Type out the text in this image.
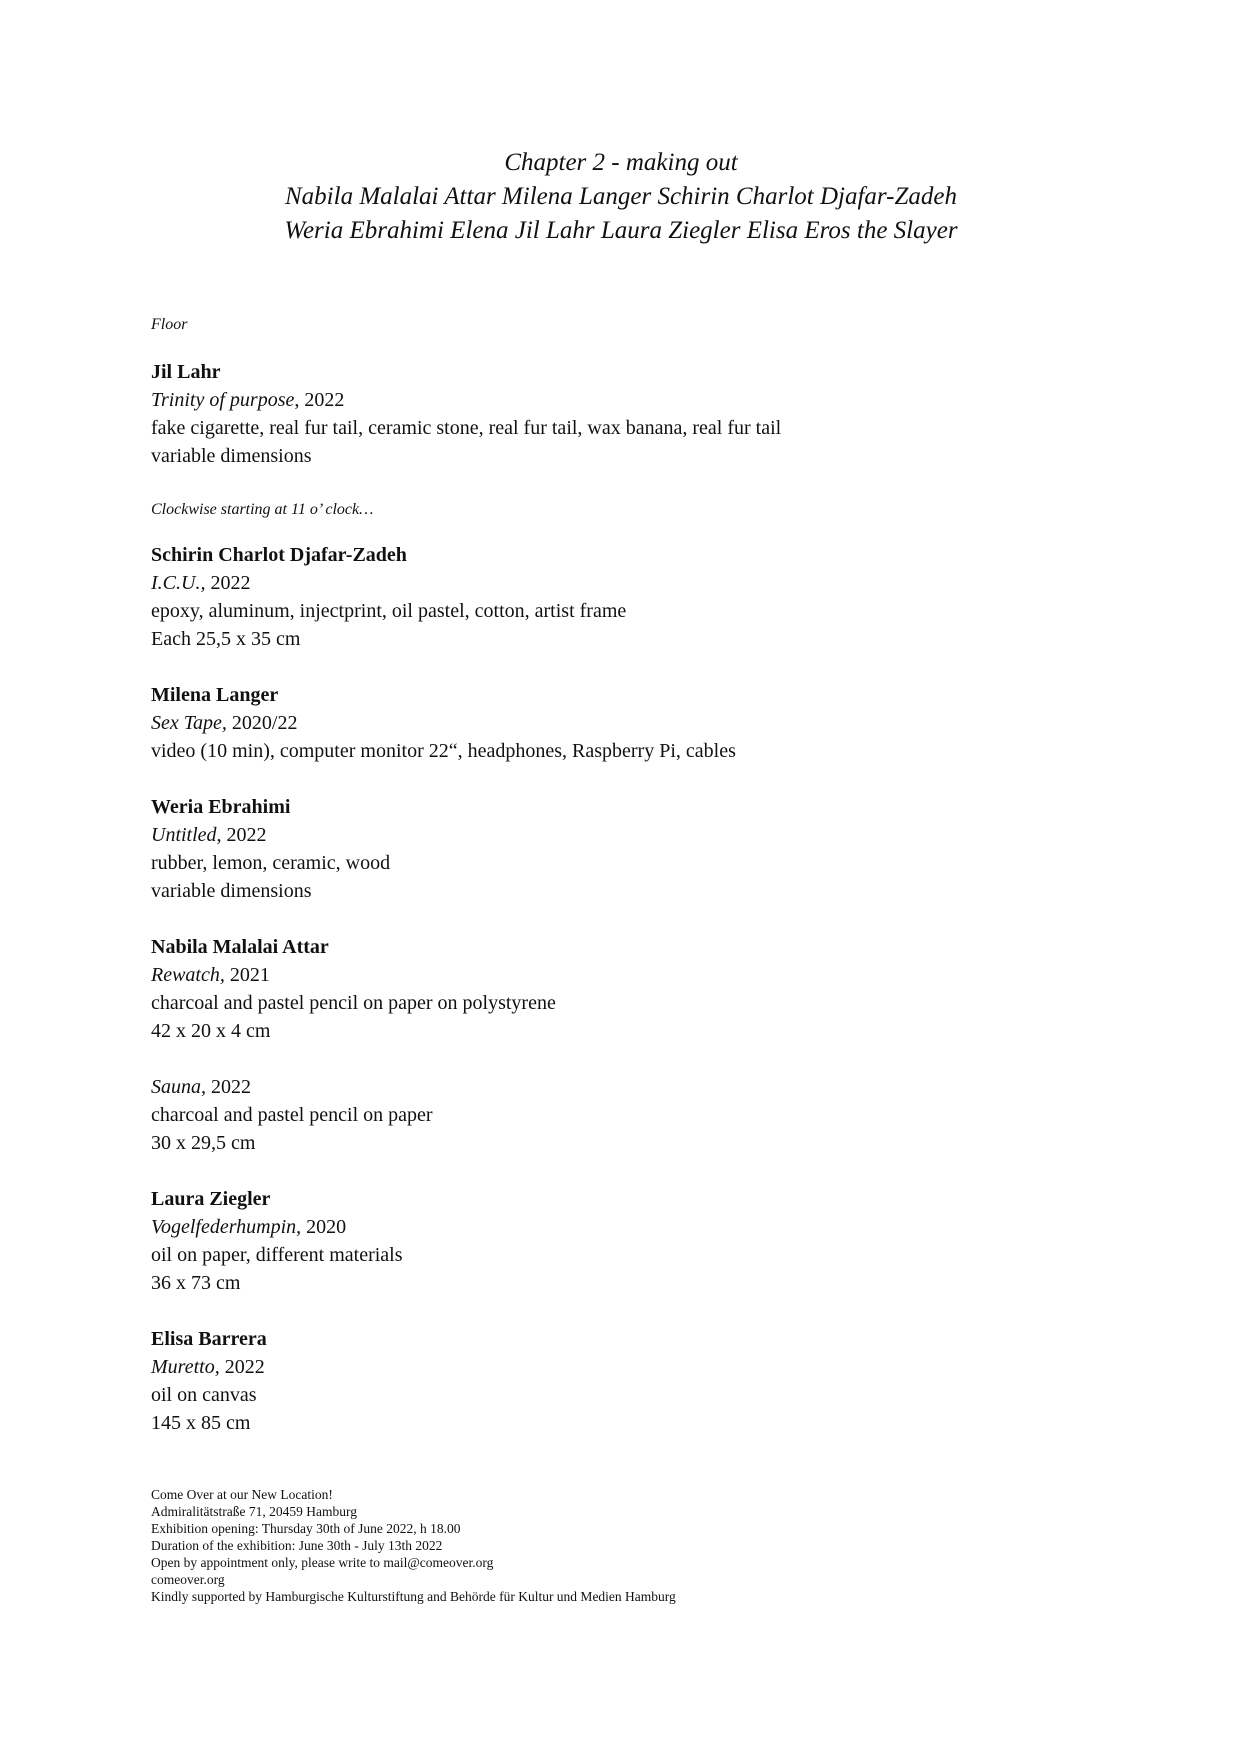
Chapter 2 - making out
Nabila Malalai Attar Milena Langer Schirin Charlot Djafar-Zadeh
Weria Ebrahimi Elena Jil Lahr Laura Ziegler Elisa Eros the Slayer
Floor
Jil Lahr
Trinity of purpose, 2022
fake cigarette, real fur tail, ceramic stone, real fur tail, wax banana, real fur tail
variable dimensions
Clockwise starting at 11 o’ clock…
Schirin Charlot Djafar-Zadeh
I.C.U., 2022
epoxy, aluminum, injectprint, oil pastel, cotton, artist frame
Each 25,5 x 35 cm
Milena Langer
Sex Tape, 2020/22
video (10 min), computer monitor 22“, headphones, Raspberry Pi, cables
Weria Ebrahimi
Untitled, 2022
rubber, lemon, ceramic, wood
variable dimensions
Nabila Malalai Attar
Rewatch, 2021
charcoal and pastel pencil on paper on polystyrene
42 x 20 x 4 cm
Sauna, 2022
charcoal and pastel pencil on paper
30 x 29,5 cm
Laura Ziegler
Vogelfederhumpin, 2020
oil on paper, different materials
36 x 73 cm
Elisa Barrera
Muretto, 2022
oil on canvas
145 x 85 cm
Come Over at our New Location!
Admiralitätstraße 71, 20459 Hamburg
Exhibition opening: Thursday 30th of June 2022, h 18.00
Duration of the exhibition: June 30th - July 13th 2022
Open by appointment only, please write to mail@comeover.org
comeover.org
Kindly supported by Hamburgische Kulturstiftung and Behörde für Kultur und Medien Hamburg
